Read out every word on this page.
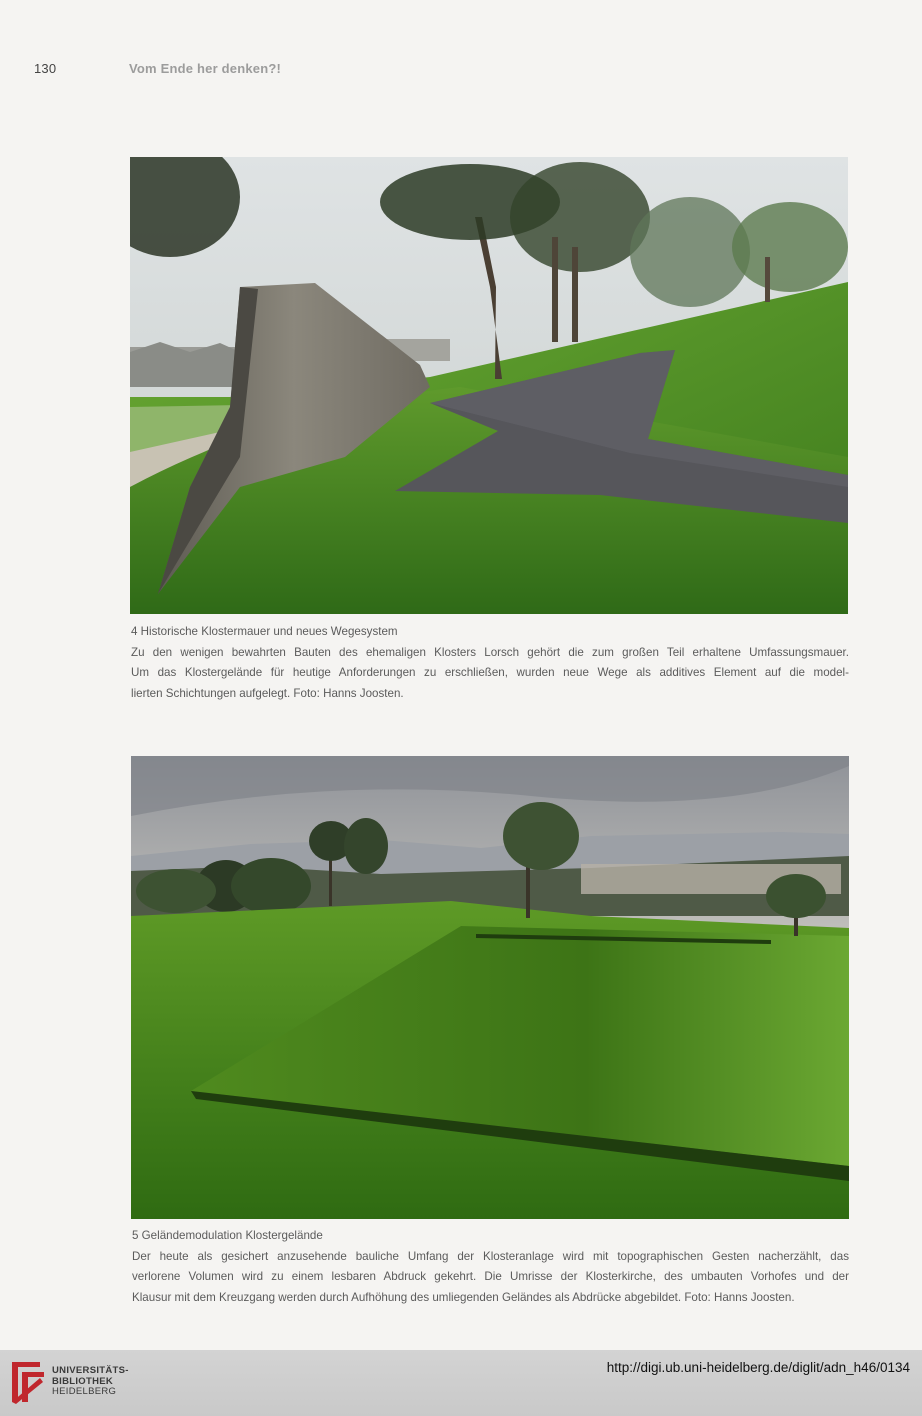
130	Vom Ende her denken?!
4 Historische Klostermauer und neues Wegesystem
Zu den wenigen bewahrten Bauten des ehemaligen Klosters Lorsch gehört die zum großen Teil erhaltene Umfassungsmauer.
Um das Klostergelände für heutige Anforderungen zu erschließen, wurden neue Wege als additives Element auf die model-
lierten Schichtungen aufgelegt. Foto: Hanns Joosten.
5 Geländemodulation Klostergelände
Der heute als gesichert anzusehende bauliche Umfang der Klosteranlage wird mit topographischen Gesten nacherzählt, das
verlorene Volumen wird zu einem lesbaren Abdruck gekehrt. Die Umrisse der Klosterkirche, des umbauten Vorhofes und der
Klausur mit dem Kreuzgang werden durch Aufhöhung des umliegenden Geländes als Abdrücke abgebildet. Foto: Hanns Joosten.
UNIVERSITÄTS-
BIBLIOTHEK
HEIDELBERG
http://digi.ub.uni-heidelberg.de/diglit/adn_h46/0134
